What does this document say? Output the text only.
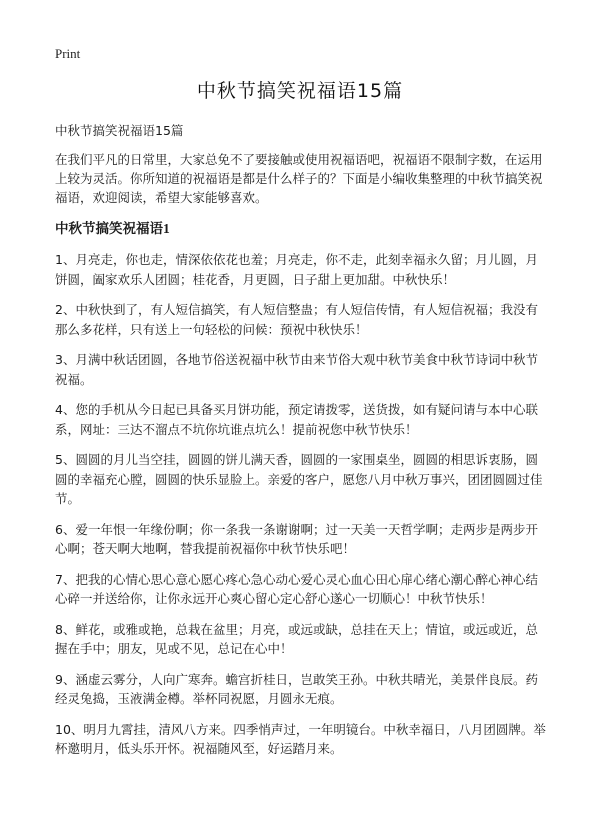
Print
中秋节搞笑祝福语15篇

中秋节搞笑祝福语15篇

在我们平凡的日常里，大家总免不了要接触或使用祝福语吧，祝福语不限制字数，在运用上较为灵活。你所知道的祝福语是都是什么样子的？下面是小编收集整理的中秋节搞笑祝福语，欢迎阅读，希望大家能够喜欢。

中秋节搞笑祝福语1

1、月亮走，你也走，情深依依花也羞；月亮走，你不走，此刻幸福永久留；月儿圆，月饼圆，阖家欢乐人团圆；桂花香，月更圆，日子甜上更加甜。中秋快乐！

2、中秋快到了，有人短信搞笑，有人短信整蛊；有人短信传情，有人短信祝福；我没有那么多花样，只有送上一句轻松的问候：预祝中秋快乐！

3、月满中秋话团圆，各地节俗送祝福中秋节由来节俗大观中秋节美食中秋节诗词中秋节祝福。

4、您的手机从今日起已具备买月饼功能，预定请拨零，送货拨，如有疑问请与本中心联系，网址：三达不溜点不坑你坑谁点坑么！提前祝您中秋节快乐！

5、圆圆的月儿当空挂，圆圆的饼儿满天香，圆圆的一家围桌坐，圆圆的相思诉衷肠，圆圆的幸福充心膛，圆圆的快乐显脸上。亲爱的客户，愿您八月中秋万事兴，团团圆圆过佳节。

6、爱一年恨一年缘份啊；你一条我一条谢谢啊；过一天美一天哲学啊；走两步是两步开心啊；苍天啊大地啊，替我提前祝福你中秋节快乐吧！

7、把我的心情心思心意心愿心疼心急心动心爱心灵心血心田心扉心绪心潮心醉心神心结心碎一并送给你，让你永远开心爽心留心定心舒心遂心一切顺心！中秋节快乐！

8、鲜花，或雅或艳，总栽在盆里；月亮，或远或缺，总挂在天上；情谊，或远或近，总握在手中；朋友，见或不见，总记在心中！

9、涵虚云雾分，人向广寒奔。蟾宫折桂日，岂敢笑王孙。中秋共晴光，美景伴良辰。药经灵兔捣，玉液满金樽。举杯同祝愿，月圆永无痕。

10、明月九霄挂，清风八方来。四季悄声过，一年明镜台。中秋幸福日，八月团圆牌。举杯邀明月，低头乐开怀。祝福随风至，好运踏月来。
